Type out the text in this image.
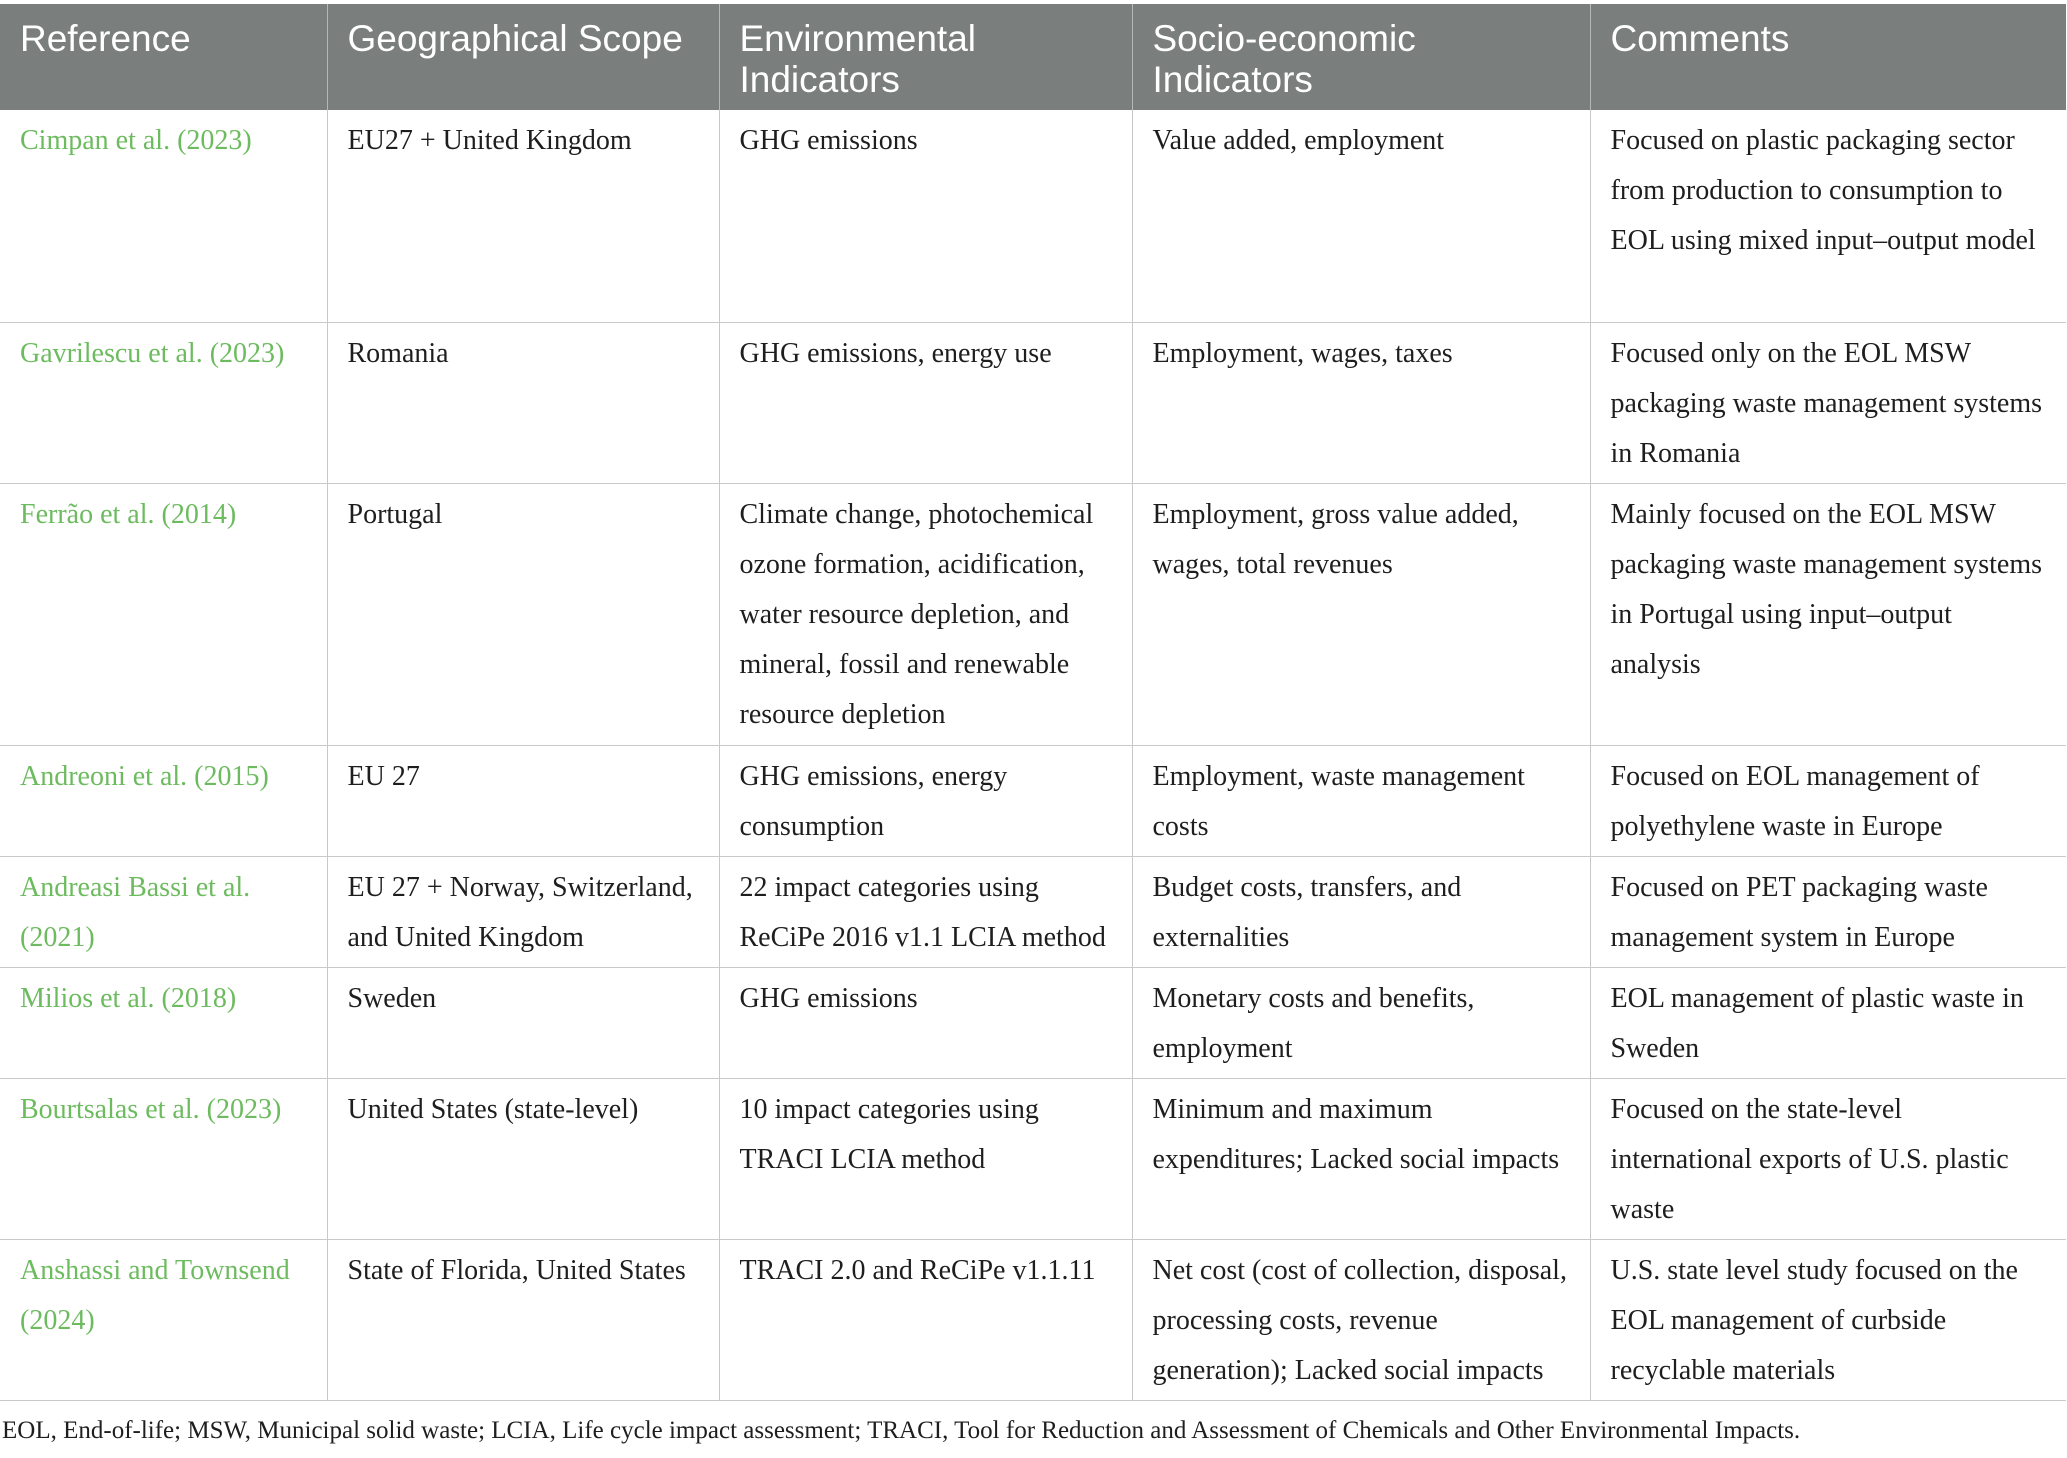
Reference	Geographical Scope	Environmental Indicators	Socio-economic Indicators	Comments
Cimpan et al. (2023)	EU27 + United Kingdom	GHG emissions	Value added, employment	Focused on plastic packaging sector from production to consumption to EOL using mixed input–output model
Gavrilescu et al. (2023)	Romania	GHG emissions, energy use	Employment, wages, taxes	Focused only on the EOL MSW packaging waste management systems in Romania
Ferrão et al. (2014)	Portugal	Climate change, photochemical ozone formation, acidification, water resource depletion, and mineral, fossil and renewable resource depletion	Employment, gross value added, wages, total revenues	Mainly focused on the EOL MSW packaging waste management systems in Portugal using input–output analysis
Andreoni et al. (2015)	EU 27	GHG emissions, energy consumption	Employment, waste management costs	Focused on EOL management of polyethylene waste in Europe
Andreasi Bassi et al. (2021)	EU 27 + Norway, Switzerland, and United Kingdom	22 impact categories using ReCiPe 2016 v1.1 LCIA method	Budget costs, transfers, and externalities	Focused on PET packaging waste management system in Europe
Milios et al. (2018)	Sweden	GHG emissions	Monetary costs and benefits, employment	EOL management of plastic waste in Sweden
Bourtsalas et al. (2023)	United States (state-level)	10 impact categories using TRACI LCIA method	Minimum and maximum expenditures; Lacked social impacts	Focused on the state-level international exports of U.S. plastic waste
Anshassi and Townsend (2024)	State of Florida, United States	TRACI 2.0 and ReCiPe v1.1.11	Net cost (cost of collection, disposal, processing costs, revenue generation); Lacked social impacts	U.S. state level study focused on the EOL management of curbside recyclable materials
EOL, End-of-life; MSW, Municipal solid waste; LCIA, Life cycle impact assessment; TRACI, Tool for Reduction and Assessment of Chemicals and Other Environmental Impacts.
